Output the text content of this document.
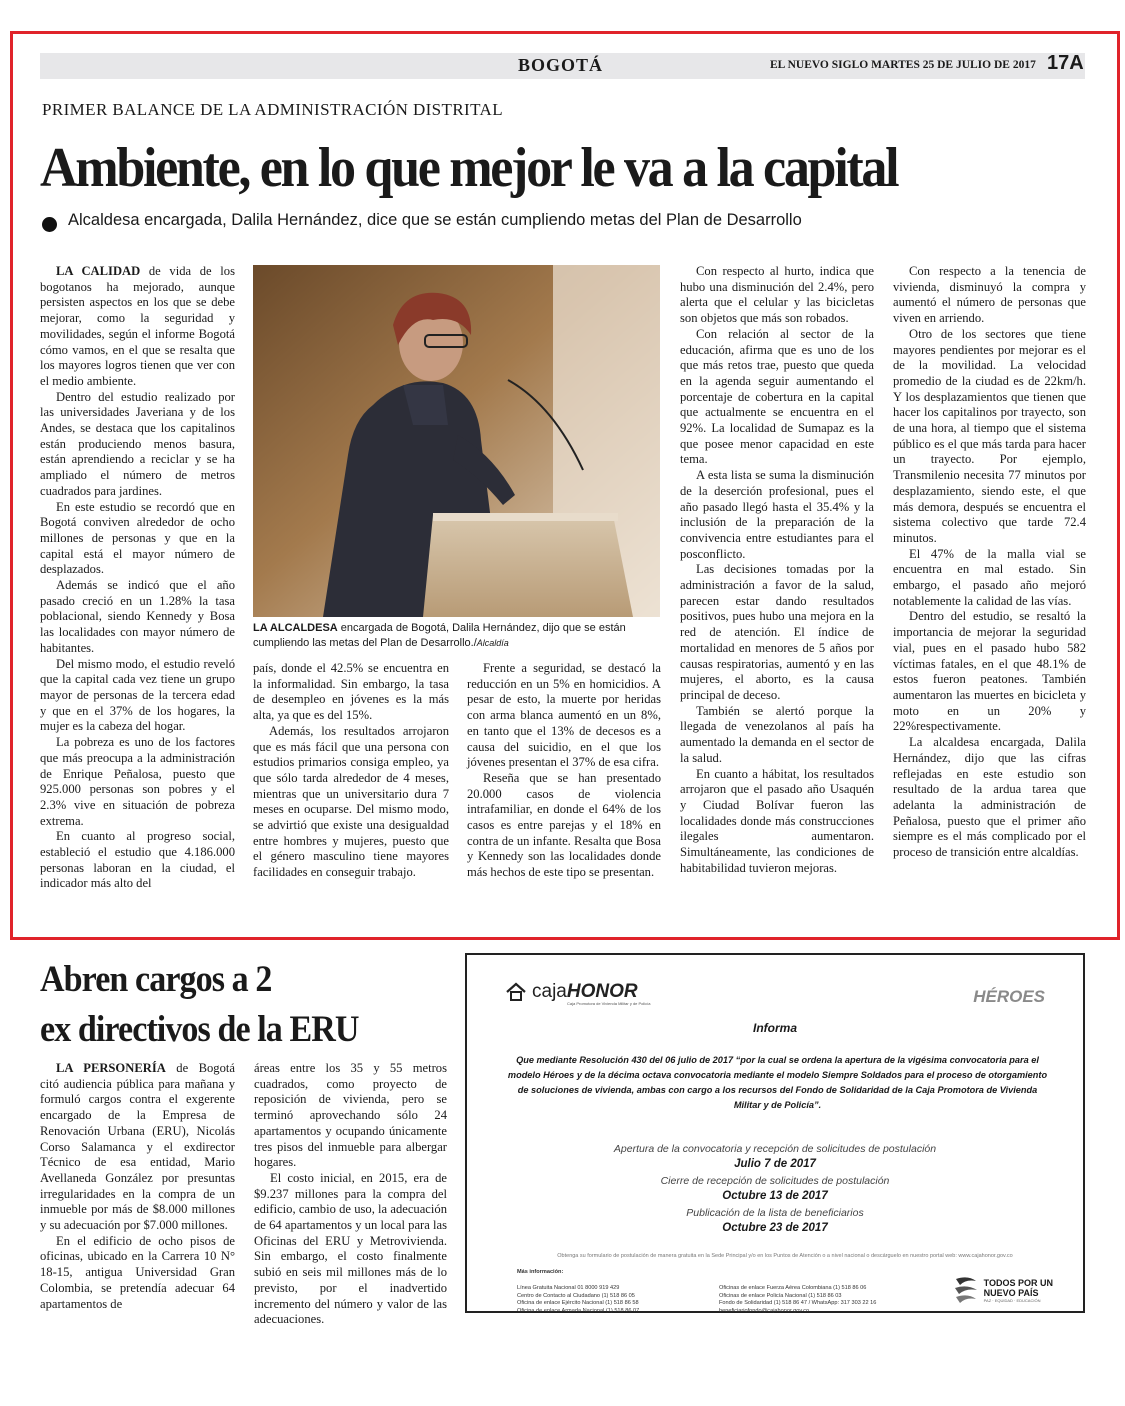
BOGOTÁ	EL NUEVO SIGLO MARTES 25 DE JULIO DE 2017 17A
PRIMER BALANCE DE LA ADMINISTRACIÓN DISTRITAL
Ambiente, en lo que mejor le va a la capital
Alcaldesa encargada, Dalila Hernández, dice que se están cumpliendo metas del Plan de Desarrollo

LA CALIDAD de vida de los bogotanos ha mejorado, aunque persisten aspectos en los que se debe mejorar, como la seguridad y movilidades, según el informe Bogotá cómo vamos, en el que se resalta que los mayores logros tienen que ver con el medio ambiente.

Dentro del estudio realizado por las universidades Javeriana y de los Andes, se destaca que los capitalinos están produciendo menos basura, están aprendiendo a reciclar y se ha ampliado el número de metros cuadrados para jardines.

En este estudio se recordó que en Bogotá conviven alrededor de ocho millones de personas y que en la capital está el mayor número de desplazados.

Además se indicó que el año pasado creció en un 1.28% la tasa poblacional, siendo Kennedy y Bosa las localidades con mayor número de habitantes.

Del mismo modo, el estudio reveló que la capital cada vez tiene un grupo mayor de personas de la tercera edad y que en el 37% de los hogares, la mujer es la cabeza del hogar.

La pobreza es uno de los factores que más preocupa a la administración de Enrique Peñalosa, puesto que 925.000 personas son pobres y el 2.3% vive en situación de pobreza extrema.

En cuanto al progreso social, estableció el estudio que 4.186.000 personas laboran en la ciudad, el indicador más alto del

LA ALCALDESA encargada de Bogotá, Dalila Hernández, dijo que se están cumpliendo las metas del Plan de Desarrollo./Alcaldía

país, donde el 42.5% se encuentra en la informalidad. Sin embargo, la tasa de desempleo en jóvenes es la más alta, ya que es del 15%.

Además, los resultados arrojaron que es más fácil que una persona con estudios primarios consiga empleo, ya que sólo tarda alrededor de 4 meses, mientras que un universitario dura 7 meses en ocuparse. Del mismo modo, se advirtió que existe una desigualdad entre hombres y mujeres, puesto que el género masculino tiene mayores facilidades en conseguir trabajo.

Frente a seguridad, se destacó la reducción en un 5% en homicidios. A pesar de esto, la muerte por heridas con arma blanca aumentó en un 8%, en tanto que el 13% de decesos es a causa del suicidio, en el que los jóvenes presentan el 37% de esa cifra.

Reseña que se han presentado 20.000 casos de violencia intrafamiliar, en donde el 64% de los casos es entre parejas y el 18% en contra de un infante. Resalta que Bosa y Kennedy son las localidades donde más hechos de este tipo se presentan.

Con respecto al hurto, indica que hubo una disminución del 2.4%, pero alerta que el celular y las bicicletas son objetos que más son robados.

Con relación al sector de la educación, afirma que es uno de los que más retos trae, puesto que queda en la agenda seguir aumentando el porcentaje de cobertura en la capital que actualmente se encuentra en el 92%. La localidad de Sumapaz es la que posee menor capacidad en este tema.

A esta lista se suma la disminución de la deserción profesional, pues el año pasado llegó hasta el 35.4% y la inclusión de la preparación de la convivencia entre estudiantes para el posconflicto.

Las decisiones tomadas por la administración a favor de la salud, parecen estar dando resultados positivos, pues hubo una mejora en la red de atención. El índice de mortalidad en menores de 5 años por causas respiratorias, aumentó y en las mujeres, el aborto, es la causa principal de deceso.

También se alertó porque la llegada de venezolanos al país ha aumentado la demanda en el sector de la salud.

En cuanto a hábitat, los resultados arrojaron que el pasado año Usaquén y Ciudad Bolívar fueron las localidades donde más construcciones ilegales aumentaron. Simultáneamente, las condiciones de habitabilidad tuvieron mejoras.

Con respecto a la tenencia de vivienda, disminuyó la compra y aumentó el número de personas que viven en arriendo.

Otro de los sectores que tiene mayores pendientes por mejorar es el de la movilidad. La velocidad promedio de la ciudad es de 22km/h. Y los desplazamientos que tienen que hacer los capitalinos por trayecto, son de una hora, al tiempo que el sistema público es el que más tarda para hacer un trayecto. Por ejemplo, Transmilenio necesita 77 minutos por desplazamiento, siendo este, el que más demora, después se encuentra el sistema colectivo que tarde 72.4 minutos.

El 47% de la malla vial se encuentra en mal estado. Sin embargo, el pasado año mejoró notablemente la calidad de las vías.

Dentro del estudio, se resaltó la importancia de mejorar la seguridad vial, pues en el pasado hubo 582 víctimas fatales, en el que 48.1% de estos fueron peatones. También aumentaron las muertes en bicicleta y moto en un 20% y 22%respectivamente.

La alcaldesa encargada, Dalila Hernández, dijo que las cifras reflejadas en este estudio son resultado de la ardua tarea que adelanta la administración de Peñalosa, puesto que el primer año siempre es el más complicado por el proceso de transición entre alcaldías.

Abren cargos a 2
ex directivos de la ERU

LA PERSONERÍA de Bogotá citó audiencia pública para mañana y formuló cargos contra el exgerente encargado de la Empresa de Renovación Urbana (ERU), Nicolás Corso Salamanca y el exdirector Técnico de esa entidad, Mario Avellaneda González por presuntas irregularidades en la compra de un inmueble por más de $8.000 millones y su adecuación por $7.000 millones.

En el edificio de ocho pisos de oficinas, ubicado en la Carrera 10 N° 18-15, antigua Universidad Gran Colombia, se pretendía adecuar 64 apartamentos de

áreas entre los 35 y 55 metros cuadrados, como proyecto de reposición de vivienda, pero se terminó aprovechando sólo 24 apartamentos y ocupando únicamente tres pisos del inmueble para albergar hogares.

El costo inicial, en 2015, era de $9.237 millones para la compra del edificio, cambio de uso, la adecuación de 64 apartamentos y un local para las Oficinas del ERU y Metrovivienda. Sin embargo, el costo finalmente subió en seis mil millones más de lo previsto, por el inadvertido incremento del número y valor de las adecuaciones.

cajaHONOR
Caja Promotora de Vivienda Militar y de Policía	HÉROES
Informa
Que mediante Resolución 430 del 06 julio de 2017 “por la cual se ordena la apertura de la vigésima convocatoria para el modelo Héroes y de la décima octava convocatoria mediante el modelo Siempre Soldados para el proceso de otorgamiento de soluciones de vivienda, ambas con cargo a los recursos del Fondo de Solidaridad de la Caja Promotora de Vivienda Militar y de Policía”.
Apertura de la convocatoria y recepción de solicitudes de postulación
Julio 7 de 2017
Cierre de recepción de solicitudes de postulación
Octubre 13 de 2017
Publicación de la lista de beneficiarios
Octubre 23 de 2017
Obtenga su formulario de postulación de manera gratuita en la Sede Principal y/o en los Puntos de Atención o a nivel nacional o descárguelo en nuestro portal web: www.cajahonor.gov.co
Más información:
Línea Gratuita Nacional 01 8000 919 429
Centro de Contacto al Ciudadano (1) 518 86 05
Oficina de enlace Ejército Nacional (1) 518 86 58
Oficina de enlace Armada Nacional (1) 518 86 07
Oficinas de enlace Fuerza Aérea Colombiana (1) 518 86 06
Oficinas de enlace Policía Nacional (1) 518 86 03
Fondo de Solidaridad (1) 518 86 47 / WhatsApp: 317 303 22 16
beneficiariofondo@cajahonor.gov.co
TODOS POR UN
NUEVO PAÍS
PAZ · EQUIDAD · EDUCACIÓN
